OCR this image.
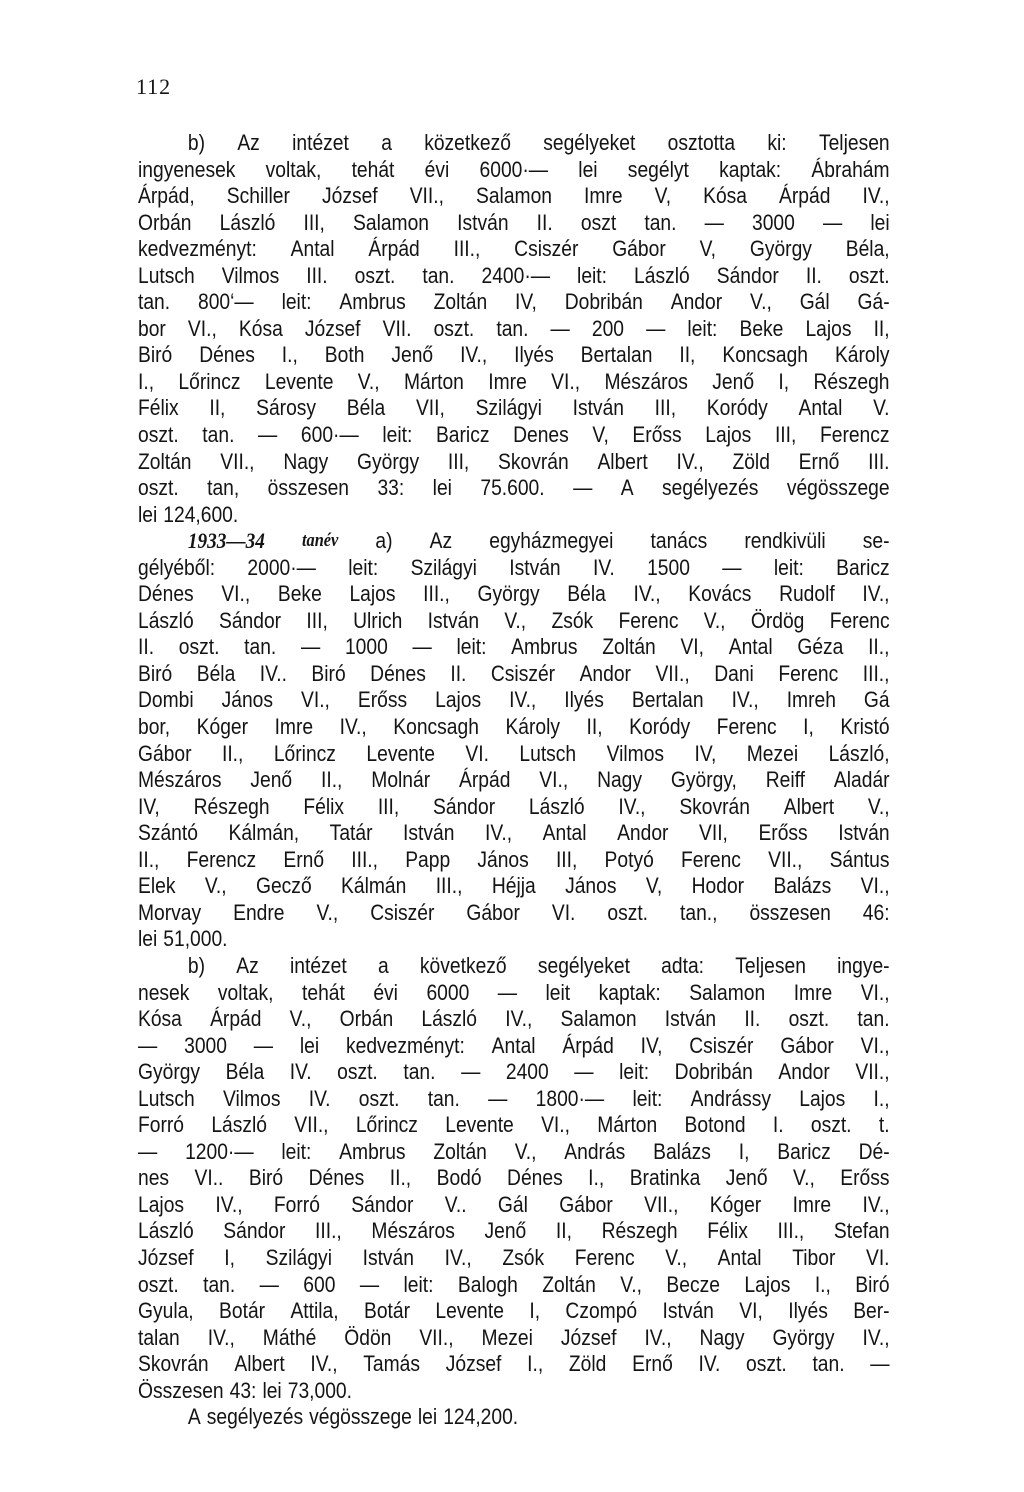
112
b) Az intézet a közetkező segélyeket osztotta ki: Teljesen
ingyenesek voltak, tehát évi 6000·— lei segélyt kaptak: Ábrahám
Árpád, Schiller József VII., Salamon Imre V, Kósa Árpád IV.,
Orbán László III, Salamon István II. oszt tan. — 3000 — lei
kedvezményt: Antal Árpád III., Csiszér Gábor V, György Béla,
Lutsch Vilmos III. oszt. tan. 2400·— leit: László Sándor II. oszt.
tan. 800‘— leit: Ambrus Zoltán IV, Dobribán Andor V., Gál Gá-
bor VI., Kósa József VII. oszt. tan. — 200 — leit: Beke Lajos II,
Biró Dénes I., Both Jenő IV., Ilyés Bertalan II, Koncsagh Károly
I., Lőrincz Levente V., Márton Imre VI., Mészáros Jenő I, Részegh
Félix II, Sárosy Béla VII, Szilágyi István III, Koródy Antal V.
oszt. tan. — 600·— leit: Baricz Denes V, Erőss Lajos III, Ferencz
Zoltán VII., Nagy György III, Skovrán Albert IV., Zöld Ernő III.
oszt. tan, összesen 33: lei 75.600. — A segélyezés végösszege
lei 124,600.
1933—34 tanév a) Az egyházmegyei tanács rendkivüli se-
gélyéből: 2000·— leit: Szilágyi István IV. 1500 — leit: Baricz
Dénes VI., Beke Lajos III., György Béla IV., Kovács Rudolf IV.,
László Sándor III, Ulrich István V., Zsók Ferenc V., Ördög Ferenc
II. oszt. tan. — 1000 — leit: Ambrus Zoltán VI, Antal Géza II.,
Biró Béla IV.. Biró Dénes II. Csiszér Andor VII., Dani Ferenc III.,
Dombi János VI., Erőss Lajos IV., Ilyés Bertalan IV., Imreh Gá
bor, Kóger Imre IV., Koncsagh Károly II, Koródy Ferenc I, Kristó
Gábor II., Lőrincz Levente VI. Lutsch Vilmos IV, Mezei László,
Mészáros Jenő II., Molnár Árpád VI., Nagy György, Reiff Aladár
IV, Részegh Félix III, Sándor László IV., Skovrán Albert V.,
Szántó Kálmán, Tatár István IV., Antal Andor VII, Erőss István
II., Ferencz Ernő III., Papp János III, Potyó Ferenc VII., Sántus
Elek V., Gecző Kálmán III., Héjja János V, Hodor Balázs VI.,
Morvay Endre V., Csiszér Gábor VI. oszt. tan., összesen 46:
lei 51,000.
b) Az intézet a következő segélyeket adta: Teljesen ingye-
nesek voltak, tehát évi 6000 — leit kaptak: Salamon Imre VI.,
Kósa Árpád V., Orbán László IV., Salamon István II. oszt. tan.
— 3000 — lei kedvezményt: Antal Árpád IV, Csiszér Gábor VI.,
György Béla IV. oszt. tan. — 2400 — leit: Dobribán Andor VII.,
Lutsch Vilmos IV. oszt. tan. — 1800·— leit: Andrássy Lajos I.,
Forró László VII., Lőrincz Levente VI., Márton Botond I. oszt. t.
— 1200·— leit: Ambrus Zoltán V., András Balázs I, Baricz Dé-
nes VI.. Biró Dénes II., Bodó Dénes I., Bratinka Jenő V., Erőss
Lajos IV., Forró Sándor V.. Gál Gábor VII., Kóger Imre IV.,
László Sándor III., Mészáros Jenő II, Részegh Félix III., Stefan
József I, Szilágyi István IV., Zsók Ferenc V., Antal Tibor VI.
oszt. tan. — 600 — leit: Balogh Zoltán V., Becze Lajos I., Biró
Gyula, Botár Attila, Botár Levente I, Czompó István VI, Ilyés Ber-
talan IV., Máthé Ödön VII., Mezei József IV., Nagy György IV.,
Skovrán Albert IV., Tamás József I., Zöld Ernő IV. oszt. tan. —
Összesen 43: lei 73,000.
A segélyezés végösszege lei 124,200.
